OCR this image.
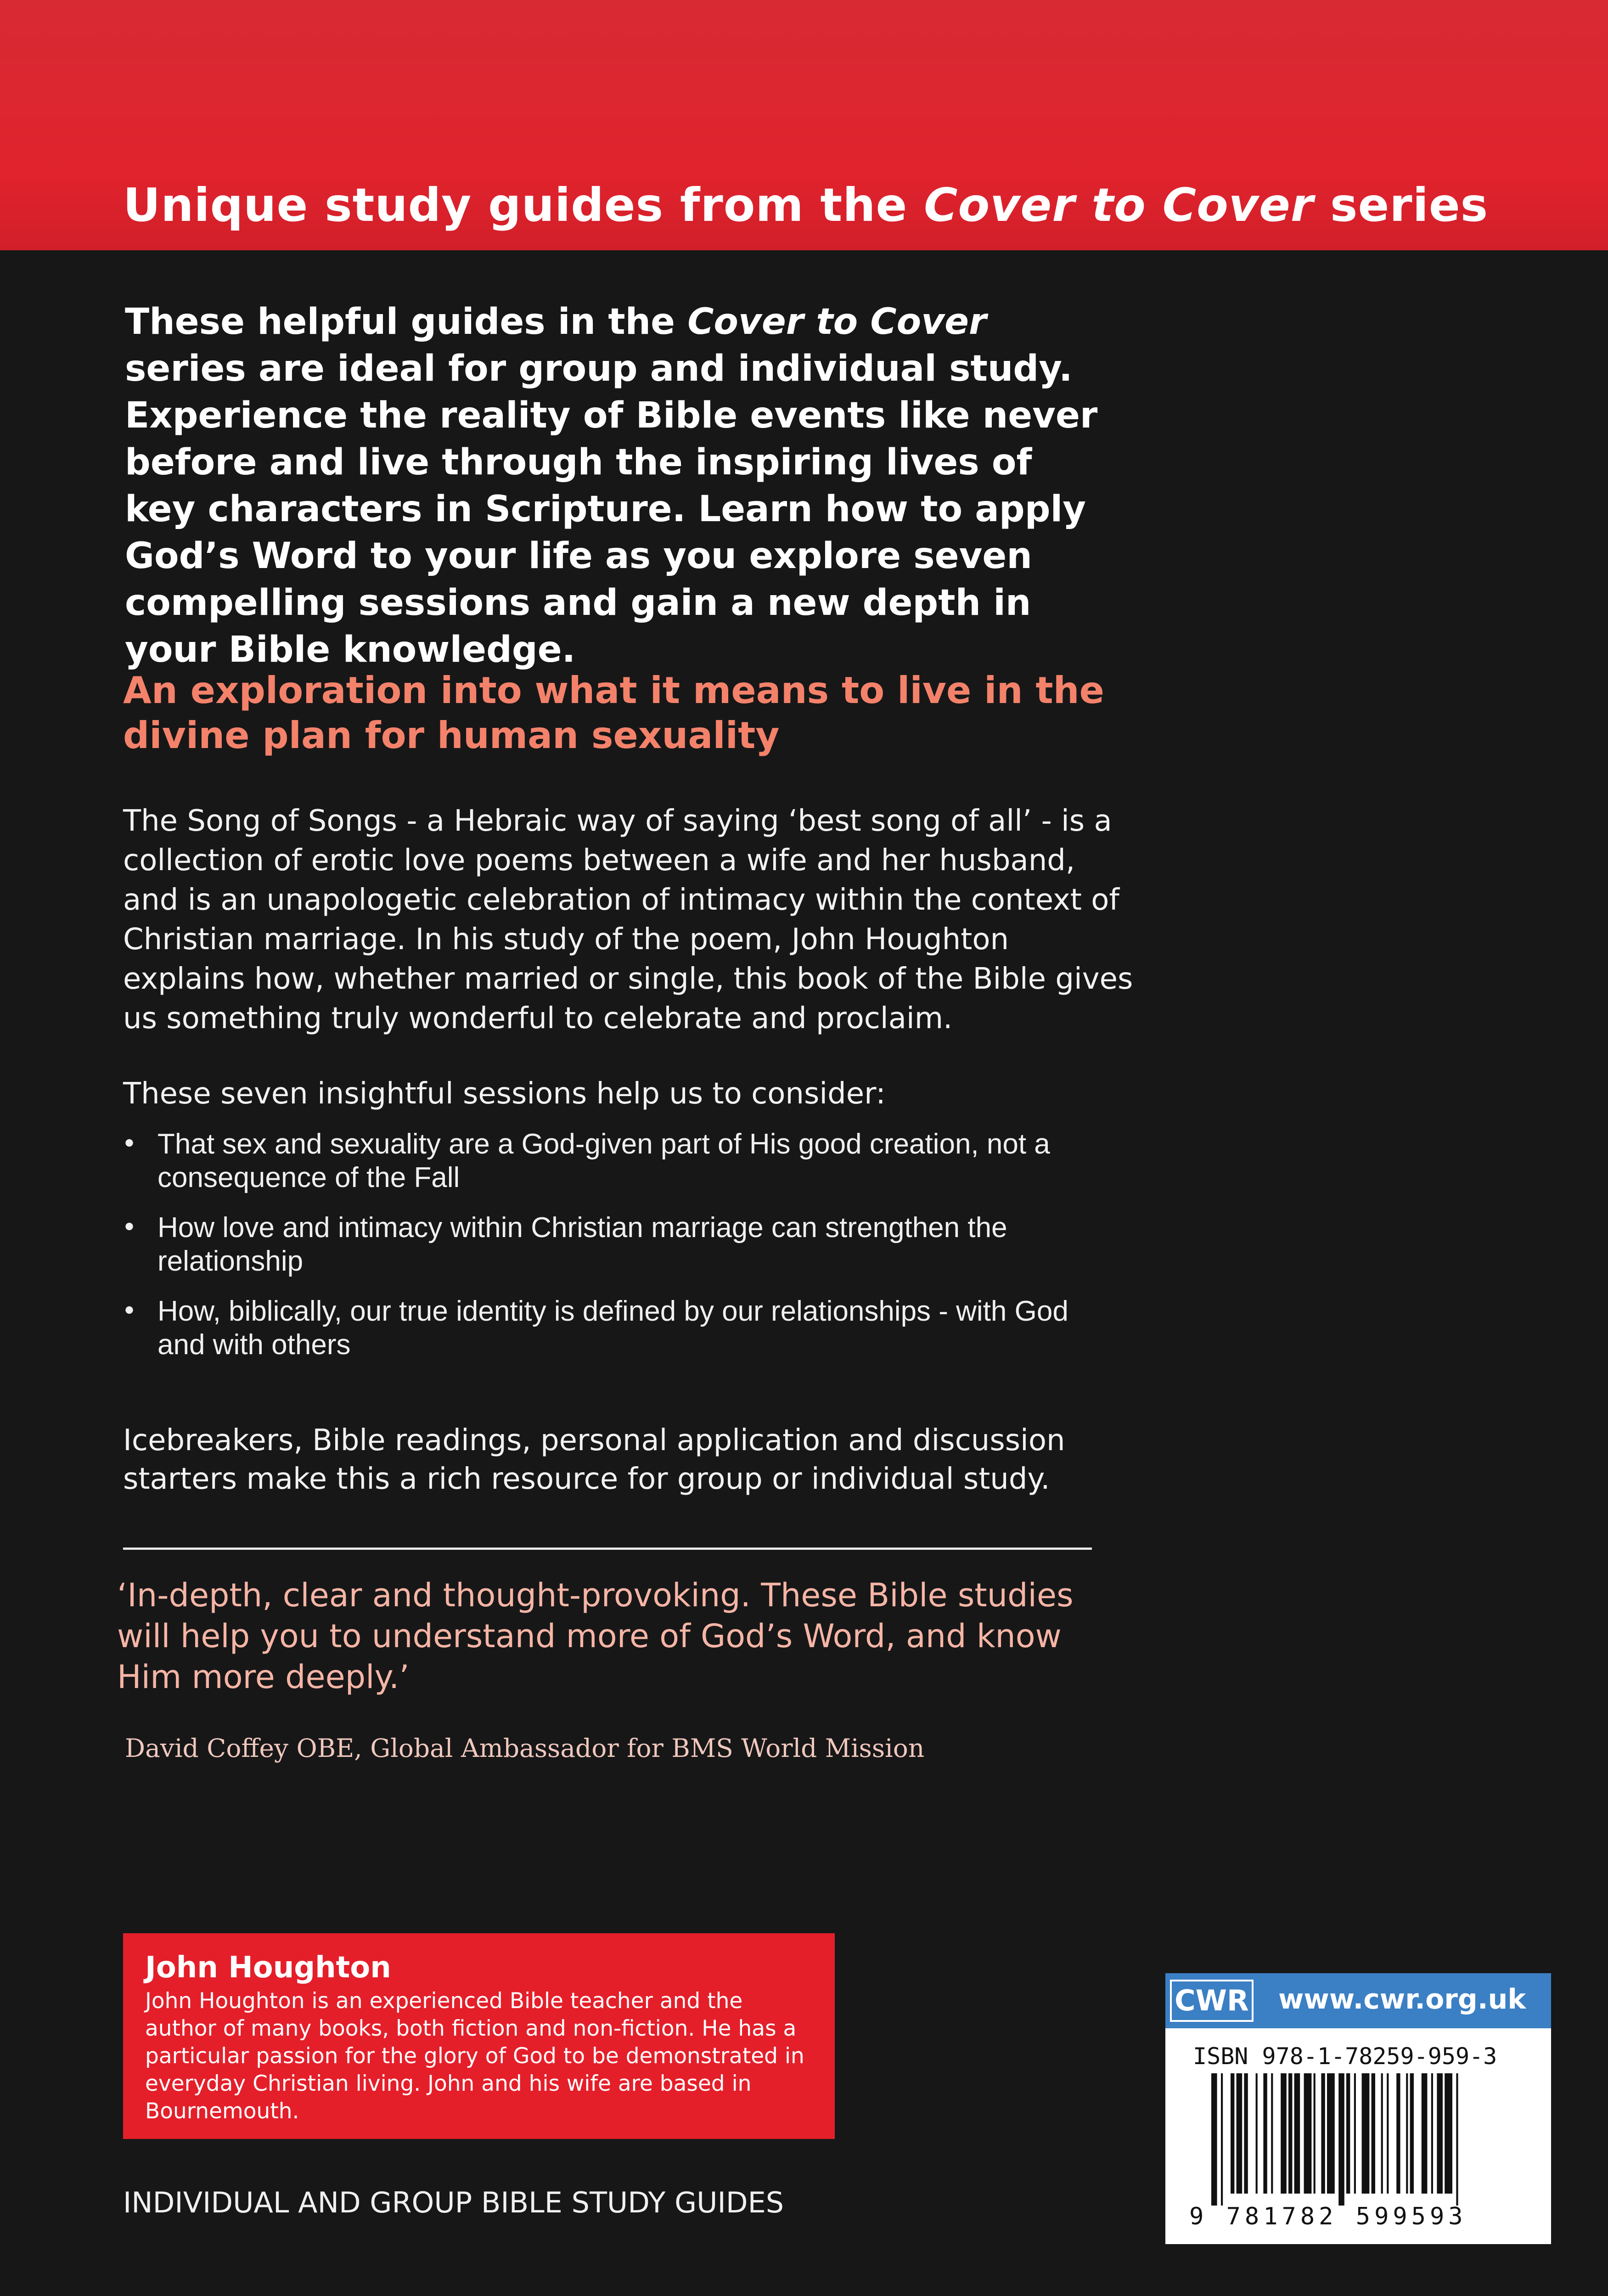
Unique study guides from the Cover to Cover series

These helpful guides in the Cover to Cover series are ideal for group and individual study. Experience the reality of Bible events like never before and live through the inspiring lives of key characters in Scripture. Learn how to apply God’s Word to your life as you explore seven compelling sessions and gain a new depth in your Bible knowledge.

An exploration into what it means to live in the divine plan for human sexuality

The Song of Songs - a Hebraic way of saying ‘best song of all’ - is a collection of erotic love poems between a wife and her husband, and is an unapologetic celebration of intimacy within the context of Christian marriage. In his study of the poem, John Houghton explains how, whether married or single, this book of the Bible gives us something truly wonderful to celebrate and proclaim.

These seven insightful sessions help us to consider:

• That sex and sexuality are a God-given part of His good creation, not a consequence of the Fall
• How love and intimacy within Christian marriage can strengthen the relationship
• How, biblically, our true identity is defined by our relationships - with God and with others

Icebreakers, Bible readings, personal application and discussion starters make this a rich resource for group or individual study.

‘In-depth, clear and thought-provoking. These Bible studies will help you to understand more of God’s Word, and know Him more deeply.’

David Coffey OBE, Global Ambassador for BMS World Mission

John Houghton

John Houghton is an experienced Bible teacher and the author of many books, both fiction and non-fiction. He has a particular passion for the glory of God to be demonstrated in everyday Christian living. John and his wife are based in Bournemouth.

INDIVIDUAL AND GROUP BIBLE STUDY GUIDES

CWR www.cwr.org.uk

ISBN 978-1-78259-959-3

9 781782 599593
